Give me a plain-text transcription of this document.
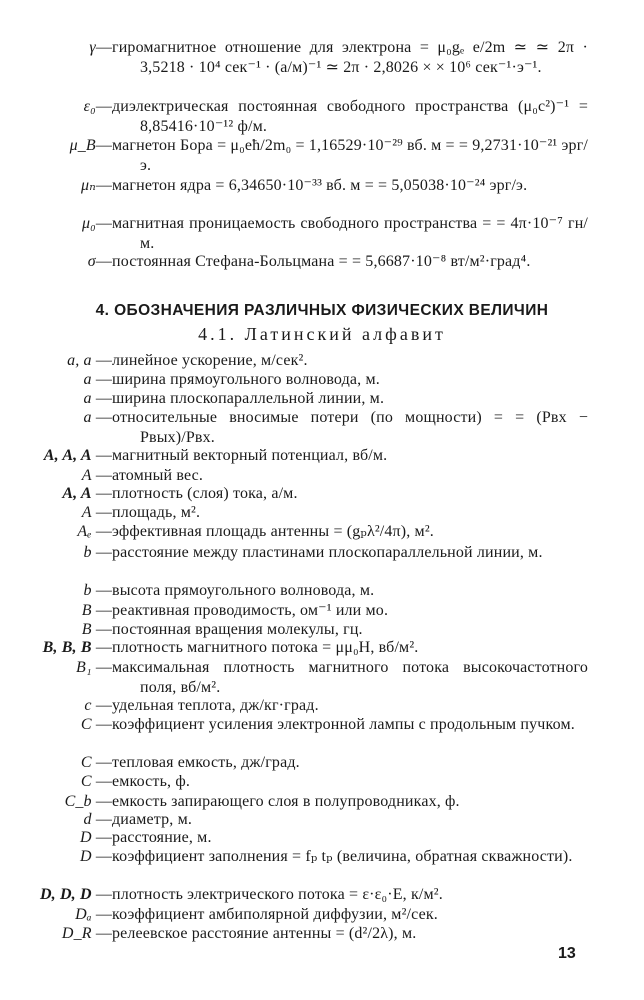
γ— гиромагнитное отношение для электрона = μ₀gₑ e/2m ≃ ≃ 2π · 3,5218 · 10⁴ сек⁻¹ · (а/м)⁻¹ ≃ 2π · 2,8026 × × 10⁶ сек⁻¹·э⁻¹.
ε₀— диэлектрическая постоянная свободного пространства (μ₀c²)⁻¹ = 8,85416·10⁻¹² ф/м.
μ_B— магнетон Бора = μ₀eħ/2m₀ = 1,16529·10⁻²⁹ вб. м = = 9,2731·10⁻²¹ эрг/э.
μₙ— магнетон ядра = 6,34650·10⁻³³ вб. м = = 5,05038·10⁻²⁴ эрг/э.
μ₀— магнитная проницаемость свободного пространства = = 4π·10⁻⁷ гн/м.
σ— постоянная Стефана-Больцмана = = 5,6687·10⁻⁸ вт/м²·град⁴.
4. ОБОЗНАЧЕНИЯ РАЗЛИЧНЫХ ФИЗИЧЕСКИХ ВЕЛИЧИН
4.1. Латинский алфавит
а, a — линейное ускорение, м/сек².
a — ширина прямоугольного волновода, м.
a — ширина плоскопараллельной линии, м.
a — относительные вносимые потери (по мощности) = = (Pвх − Pвых)/Pвх.
A, A, A — магнитный векторный потенциал, вб/м.
A — атомный вес.
A, A — плотность (слоя) тока, а/м.
A — площадь, м².
Aₑ — эффективная площадь антенны = (gₚλ²/4π), м².
b — расстояние между пластинами плоскопараллельной линии, м.
b — высота прямоугольного волновода, м.
B — реактивная проводимость, ом⁻¹ или мо.
B — постоянная вращения молекулы, гц.
B, B, B — плотность магнитного потока = μμ₀H, вб/м².
B₁ — максимальная плотность магнитного потока высокочастотного поля, вб/м².
c — удельная теплота, дж/кг·град.
C — коэффициент усиления электронной лампы с продольным пучком.
C — тепловая емкость, дж/град.
C — емкость, ф.
C_b — емкость запирающего слоя в полупроводниках, ф.
d — диаметр, м.
D — расстояние, м.
D — коэффициент заполнения = fₚ tₚ (величина, обратная скважности).
D, D, D — плотность электрического потока = ε·ε₀·E, к/м².
Dₐ — коэффициент амбиполярной диффузии, м²/сек.
D_R — релеевское расстояние антенны = (d²/2λ), м.
13
